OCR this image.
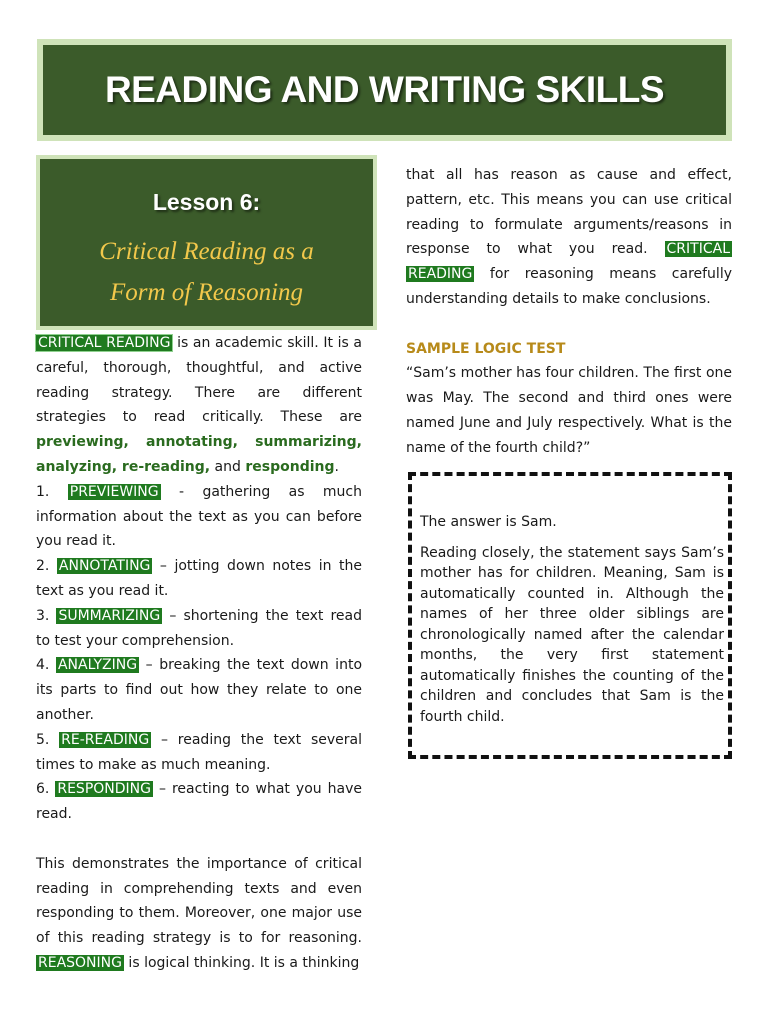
READING AND WRITING SKILLS
Lesson 6:
Critical Reading as a
Form of Reasoning

CRITICAL READING is an academic skill. It is a careful, thorough, thoughtful, and active reading strategy. There are different strategies to read critically. These are previewing, annotating, summarizing, analyzing, re-reading, and responding.

1. PREVIEWING - gathering as much information about the text as you can before you read it.

2. ANNOTATING – jotting down notes in the text as you read it.

3. SUMMARIZING – shortening the text read to test your comprehension.

4. ANALYZING – breaking the text down into its parts to find out how they relate to one another.

5. RE-READING – reading the text several times to make as much meaning.

6. RESPONDING – reacting to what you have read.

This demonstrates the importance of critical reading in comprehending texts and even responding to them. Moreover, one major use of this reading strategy is to for reasoning. REASONING is logical thinking. It is a thinking

that all has reason as cause and effect, pattern, etc. This means you can use critical reading to formulate arguments/reasons in response to what you read. CRITICAL READING for reasoning means carefully understanding details to make conclusions.

SAMPLE LOGIC TEST

“Sam’s mother has four children. The first one was May. The second and third ones were named June and July respectively. What is the name of the fourth child?”

The answer is Sam.

Reading closely, the statement says Sam’s mother has for children. Meaning, Sam is automatically counted in. Although the names of her three older siblings are chronologically named after the calendar months, the very first statement automatically finishes the counting of the children and concludes that Sam is the fourth child.
